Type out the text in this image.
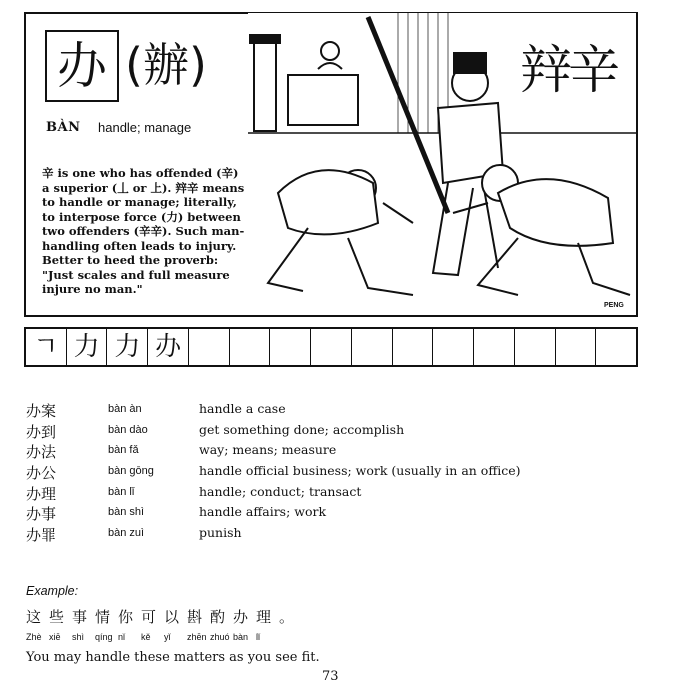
办 (辦)
BÀN handle; manage
辛 is one who has offended (辛) a superior (丄 or 上). 辡辛 means to handle or manage; literally, to interpose force (力) between two offenders (辛辛). Such man-handling often leads to injury. Better to heed the proverb: "Just scales and full measure injure no man."
辡辛
PENG
ㄱ 力 力 办
办案	bàn àn	handle a case
办到	bàn dào	get something done; accomplish
办法	bàn fǎ	way; means; measure
办公	bàn gōng	handle official business; work (usually in an office)
办理	bàn lǐ	handle; conduct; transact
办事	bàn shì	handle affairs; work
办罪	bàn zuì	punish
Example:
这 些 事 情 你 可 以 斟 酌 办 理 。
Zhè xiē	shì	qíng nǐ	kě	yǐ	zhēn zhuó bàn lǐ
You may handle these matters as you see fit.
73
